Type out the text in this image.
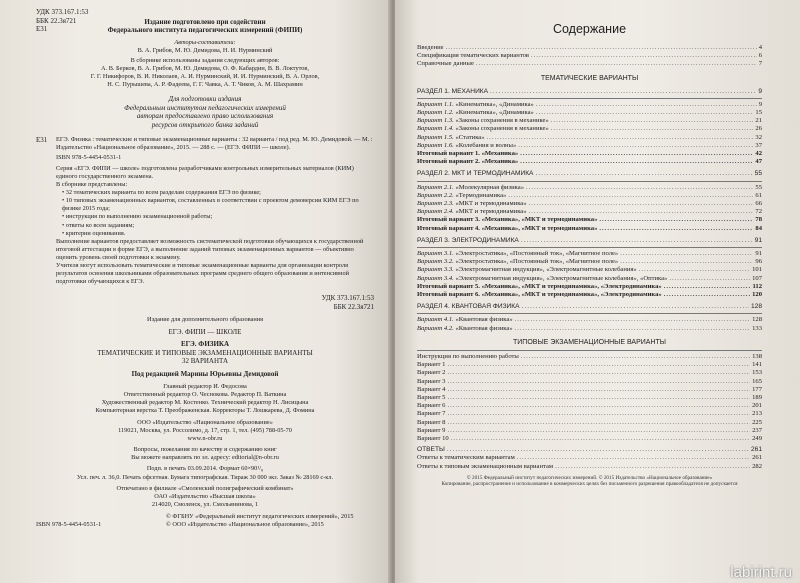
УДК 373.167.1:53
ББК 22.3я721
Е31
Издание подготовлено при содействии
Федерального института педагогических измерений (ФИПИ)
Авторы-составители:
В. А. Грибов, М. Ю. Демидова, Н. И. Нурминский
В сборнике использованы задания следующих авторов:
А. В. Берков, В. А. Грибов, М. Ю. Демидова, О. Ф. Кабардин, В. В. Локтутов,
Г. Г. Никифоров, В. И. Николаев, А. И. Нурминский, И. И. Нурминский, В. А. Орлов,
Н. С. Пурышева, А. Р. Фадеева, Г. Г. Чавка, А. Т. Чиков, А. М. Шахрамин
Для подготовки издания
Федеральным институтом педагогических измерений
авторам предоставлено право использования
ресурсов открытого банка заданий
Е31	ЕГЭ. Физика : тематические и типовые экзаменационные варианты : 32 варианта / под ред. М. Ю. Демидовой. — М. : Издательство «Национальное образование», 2015. — 288 с. — (ЕГЭ. ФИПИ — школе).
ISBN 978-5-4454-0531-1
Серия «ЕГЭ. ФИПИ — школе» подготовлена разработчиками контрольных измерительных материалов (КИМ) единого государственного экзамена.
В сборнике представлены:
• 32 тематических варианта по всем разделам содержания ЕГЭ по физике;
• 10 типовых экзаменационных вариантов, составленных в соответствии с проектом демоверсии КИМ ЕГЭ по физике 2015 года;
• инструкция по выполнению экзаменационной работы;
• ответы ко всем заданиям;
• критерии оценивания.
Выполнение вариантов предоставляет возможность систематической подготовки обучающихся к государственной итоговой аттестации в форме ЕГЭ, а выполнение заданий типовых экзаменационных вариантов — объективно оценить уровень своей подготовки к экзамену.
Учителя могут использовать тематические и типовые экзаменационные варианты для организации контроля результатов освоения школьниками образовательных программ среднего общего образования и интенсивной подготовки обучающихся к ЕГЭ.
УДК 373.167.1:53
ББК 22.3я721
Издание для дополнительного образования
ЕГЭ. ФИПИ — ШКОЛЕ
ЕГЭ. ФИЗИКА
ТЕМАТИЧЕСКИЕ И ТИПОВЫЕ ЭКЗАМЕНАЦИОННЫЕ ВАРИАНТЫ
32 ВАРИАНТА
Под редакцией Марины Юрьевны Демидовой
Главный редактор И. Федосова
Ответственный редактор О. Чеснокова. Редактор П. Ваткина
Художественный редактор М. Костенко. Технический редактор Н. Лисицына
Компьютерная верстка Т. Преображенская. Корректоры Т. Лошкарева, Д. Фомина
ООО «Издательство «Национальное образование»
119021, Москва, ул. Россолимо, д. 17, стр. 1, тел. (495) 788-05-70
www.n-obr.ru
Вопросы, пожелания по качеству и содержанию книг
Вы можете направлять по эл. адресу: editorial@n-obr.ru
Подп. в печать 03.09.2014. Формат 60×90¹/₈
Усл. печ. л. 36,0. Печать офсетная. Бумага типографская. Тираж 30 000 экз. Заказ № 28169 с-кл.
Отпечатано в филиале «Смоленский полиграфический комбинат»
ОАО «Издательство «Высшая школа»
214020, Смоленск, ул. Смольянинова, 1
ISBN 978-5-4454-0531-1
© ФГБНУ «Федеральный институт педагогических измерений», 2015
© ООО «Издательство «Национальное образование», 2015
Содержание
Введение .....	4
Спецификация тематических вариантов .....	6
Справочные данные .....	7
ТЕМАТИЧЕСКИЕ ВАРИАНТЫ
РАЗДЕЛ 1. МЕХАНИКА .....	9
Вариант 1.1. «Кинематика», «Динамика» .....	9
Вариант 1.2. «Кинематика», «Динамика» .....	15
Вариант 1.3. «Законы сохранения в механике» .....	21
Вариант 1.4. «Законы сохранения в механике» .....	26
Вариант 1.5. «Статика» .....	32
Вариант 1.6. «Колебания и волны» .....	37
Итоговый вариант 1. «Механика» .....	42
Итоговый вариант 2. «Механика» .....	47
РАЗДЕЛ 2. МКТ И ТЕРМОДИНАМИКА .....	55
Вариант 2.1. «Молекулярная физика» .....	55
Вариант 2.2. «Термодинамика» .....	61
Вариант 2.3. «МКТ и термодинамика» .....	66
Вариант 2.4. «МКТ и термодинамика» .....	72
Итоговый вариант 3. «Механика», «МКТ и термодинамика» .....	78
Итоговый вариант 4. «Механика», «МКТ и термодинамика» .....	84
РАЗДЕЛ 3. ЭЛЕКТРОДИНАМИКА .....	91
Вариант 3.1. «Электростатика», «Постоянный ток», «Магнитное поле» .....	91
Вариант 3.2. «Электростатика», «Постоянный ток», «Магнитное поле» .....	96
Вариант 3.3. «Электромагнитная индукция», «Электромагнитные колебания» .....	101
Вариант 3.4. «Электромагнитная индукция», «Электромагнитные колебания», «Оптика» .....	107
Итоговый вариант 5. «Механика», «МКТ и термодинамика», «Электродинамика» .....	112
Итоговый вариант 6. «Механика», «МКТ и термодинамика», «Электродинамика» .....	120
РАЗДЕЛ 4. КВАНТОВАЯ ФИЗИКА .....	128
Вариант 4.1. «Квантовая физика» .....	128
Вариант 4.2. «Квантовая физика» .....	133
ТИПОВЫЕ ЭКЗАМЕНАЦИОННЫЕ ВАРИАНТЫ
Инструкция по выполнению работы .....	138
Вариант 1 .....	141
Вариант 2 .....	153
Вариант 3 .....	165
Вариант 4 .....	177
Вариант 5 .....	189
Вариант 6 .....	201
Вариант 7 .....	213
Вариант 8 .....	225
Вариант 9 .....	237
Вариант 10 .....	249
ОТВЕТЫ .....	261
Ответы к тематическим вариантам .....	261
Ответы к типовым экзаменационным вариантам .....	282
© 2015 Федеральный институт педагогических измерений. © 2015 Издательство «Национальное образование»
Копирование, распространение и использование в коммерческих целях без письменного разрешения правообладателя не допускается
labirint.ru
